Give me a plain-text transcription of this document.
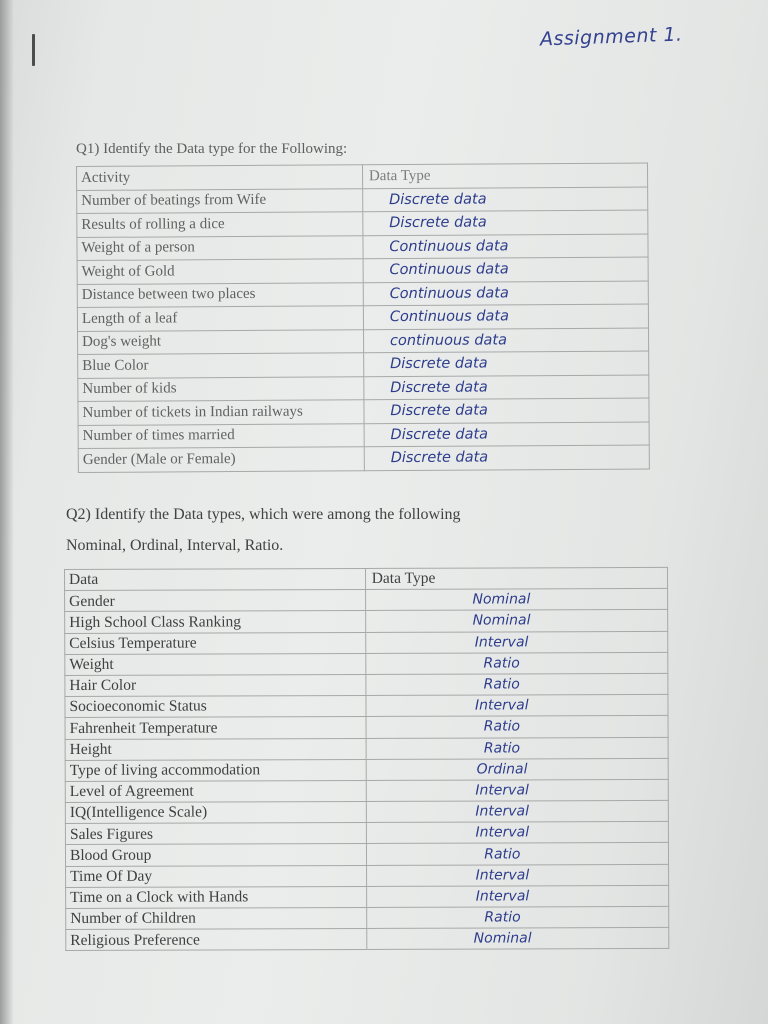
Assignment 1.
Q1) Identify the Data type for the Following:
Activity	Data Type
Number of beatings from Wife	Discrete data

Results of rolling a dice	Discrete data

Weight of a person	Continuous data

Weight of Gold	Continuous data

Distance between two places	Continuous data

Length of a leaf	Continuous data

Dog's weight	continuous data

Blue Color	Discrete data

Number of kids	Discrete data

Number of tickets in Indian railways	Discrete data

Number of times married	Discrete data

Gender (Male or Female)	Discrete data
Q2) Identify the Data types, which were among the following
Nominal, Ordinal, Interval, Ratio.
Data	Data Type
Gender	Nominal

High School Class Ranking	Nominal

Celsius Temperature	Interval

Weight	Ratio

Hair Color	Ratio

Socioeconomic Status	Interval

Fahrenheit Temperature	Ratio

Height	Ratio

Type of living accommodation	Ordinal

Level of Agreement	Interval

IQ(Intelligence Scale)	Interval

Sales Figures	Interval

Blood Group	Ratio

Time Of Day	Interval

Time on a Clock with Hands	Interval

Number of Children	Ratio

Religious Preference	Nominal
